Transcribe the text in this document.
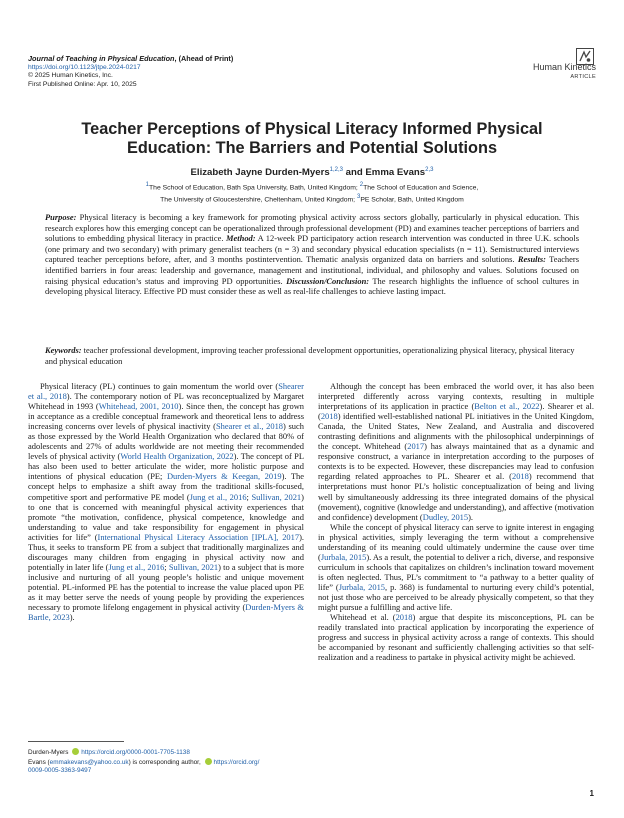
Journal of Teaching in Physical Education, (Ahead of Print)
https://doi.org/10.1123/jtpe.2024-0217
© 2025 Human Kinetics, Inc.
First Published Online: Apr. 10, 2025
Human Kinetics
ARTICLE
Teacher Perceptions of Physical Literacy Informed Physical
Education: The Barriers and Potential Solutions
Elizabeth Jayne Durden-Myers$^{1,2,3}$ and Emma Evans$^{2,3}$
$^1$The School of Education, Bath Spa University, Bath, United Kingdom; $^2$The School of Education and Science,
The University of Gloucestershire, Cheltenham, United Kingdom; $^3$PE Scholar, Bath, United Kingdom
Purpose: Physical literacy is becoming a key framework for promoting physical activity across sectors globally, particularly in physical education. This research explores how this emerging concept can be operationalized through professional development (PD) and examines teacher perceptions of barriers and solutions to embedding physical literacy in practice. Method: A 12-week PD participatory action research intervention was conducted in three U.K. schools (one primary and two secondary) with primary generalist teachers (n = 3) and secondary physical education specialists (n = 11). Semistructured interviews captured teacher perceptions before, after, and 3 months postintervention. Thematic analysis organized data on barriers and solutions. Results: Teachers identified barriers in four areas: leadership and governance, management and institutional, individual, and philosophy and values. Solutions focused on raising physical education’s status and improving PD opportunities. Discussion/Conclusion: The research highlights the influence of school cultures in developing physical literacy. Effective PD must consider these as well as real-life challenges to achieve lasting impact.
Keywords: teacher professional development, improving teacher professional development opportunities, operationalizing physical literacy, physical literacy and physical education

Physical literacy (PL) continues to gain momentum the world over (Shearer et al., 2018). The contemporary notion of PL was reconceptualized by Margaret Whitehead in 1993 (Whitehead, 2001, 2010). Since then, the concept has grown in acceptance as a credible conceptual framework and theoretical lens to address increasing concerns over levels of physical inactivity (Shearer et al., 2018) such as those expressed by the World Health Organization who declared that 80% of adolescents and 27% of adults worldwide are not meeting their recommended levels of physical activity (World Health Organization, 2022). The concept of PL has also been used to better articulate the wider, more holistic purpose and intentions of physical education (PE; Durden-Myers & Keegan, 2019). The concept helps to emphasize a shift away from the traditional skills-focused, competitive sport and performative PE model (Jung et al., 2016; Sullivan, 2021) to one that is concerned with meaningful physical activity experiences that promote “the motivation, confidence, physical competence, knowledge and understanding to value and take responsibility for engagement in physical activities for life” (International Physical Literacy Association [IPLA], 2017). Thus, it seeks to transform PE from a subject that traditionally marginalizes and discourages many children from engaging in physical activity now and potentially in later life (Jung et al., 2016; Sullivan, 2021) to a subject that is more inclusive and nurturing of all young people’s holistic and unique movement potential. PL-informed PE has the potential to increase the value placed upon PE as it may better serve the needs of young people by providing the experiences necessary to promote lifelong engagement in physical activity (Durden-Myers & Bartle, 2023).

Although the concept has been embraced the world over, it has also been interpreted differently across varying contexts, resulting in multiple interpretations of its application in practice (Belton et al., 2022). Shearer et al. (2018) identified well-established national PL initiatives in the United Kingdom, Canada, the United States, New Zealand, and Australia and discovered contrasting definitions and alignments with the philosophical underpinnings of the concept. Whitehead (2017) has always maintained that as a dynamic and responsive construct, a variance in interpretation according to the purposes of contexts is to be expected. However, these discrepancies may lead to confusion regarding related approaches to PL. Shearer et al. (2018) recommend that interpretations must honor PL’s holistic conceptualization of being and living well by simultaneously addressing its three integrated domains of the physical (movement), cognitive (knowledge and understanding), and affective (motivation and confidence) development (Dudley, 2015).

While the concept of physical literacy can serve to ignite interest in engaging in physical activities, simply leveraging the term without a comprehensive understanding of its meaning could ultimately undermine the cause over time (Jurbala, 2015). As a result, the potential to deliver a rich, diverse, and responsive curriculum in schools that capitalizes on children’s inclination toward movement is often neglected. Thus, PL’s commitment to “a pathway to a better quality of life” (Jurbala, 2015, p. 368) is fundamental to nurturing every child’s potential, not just those who are perceived to be already physically competent, so that they might pursue a fulfilling and active life.

Whitehead et al. (2018) argue that despite its misconceptions, PL can be readily translated into practical application by incorporating the experience of progress and success in physical activity across a range of contexts. This should be accompanied by resonant and sufficiently challenging activities so that self-realization and a readiness to partake in physical activity might be achieved.

Durden-Myers https://orcid.org/0000-0001-7705-1138
Evans (emmakevans@yahoo.co.uk) is corresponding author, https://orcid.org/
0009-0005-3363-9497
1
